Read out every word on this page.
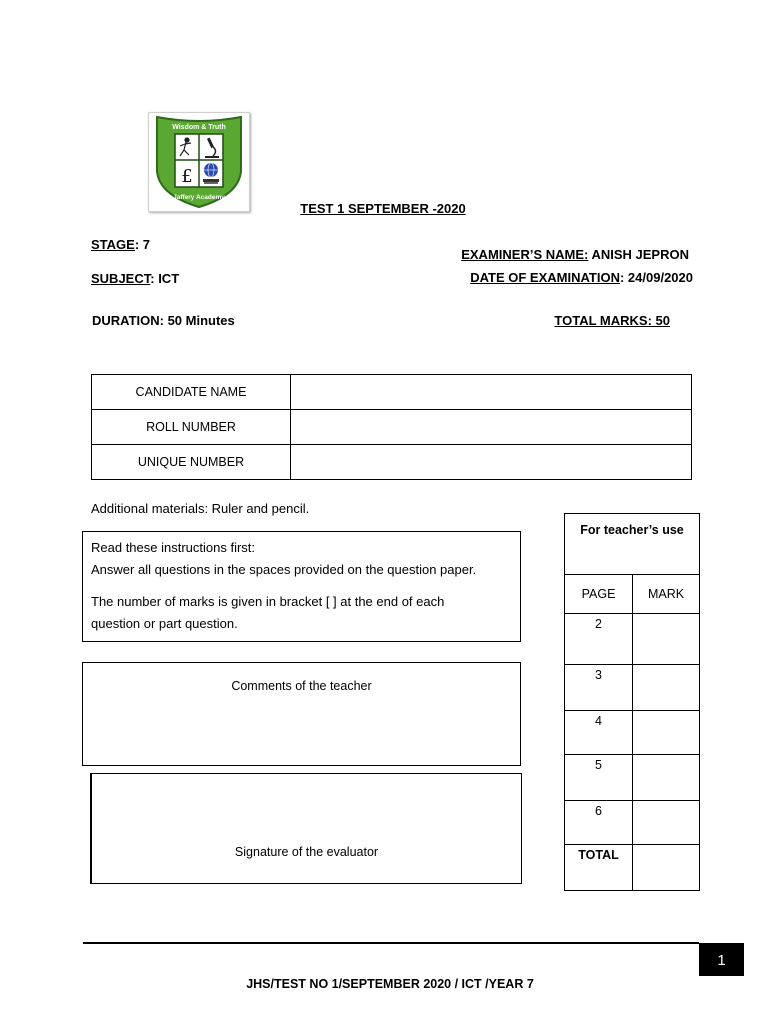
Wisdom & Truth
£
Jaffery Academy
TEST 1 SEPTEMBER -2020
STAGE: 7
SUBJECT: ICT
DURATION: 50 Minutes
EXAMINER’S NAME: ANISH JEPRON
DATE OF EXAMINATION: 24/09/2020
TOTAL MARKS: 50
CANDIDATE NAME	
ROLL NUMBER	
UNIQUE NUMBER	
Additional materials: Ruler and pencil.

Read these instructions first:

Answer all questions in the spaces provided on the question paper.

The number of marks is given in bracket [ ] at the end of each question or part question.

Comments of the teacher
Signature of the evaluator
For teacher’s use	
PAGE	MARK
2	
3	
4	
5	
6	
TOTAL	
1
JHS/TEST NO 1/SEPTEMBER 2020 / ICT /YEAR 7
